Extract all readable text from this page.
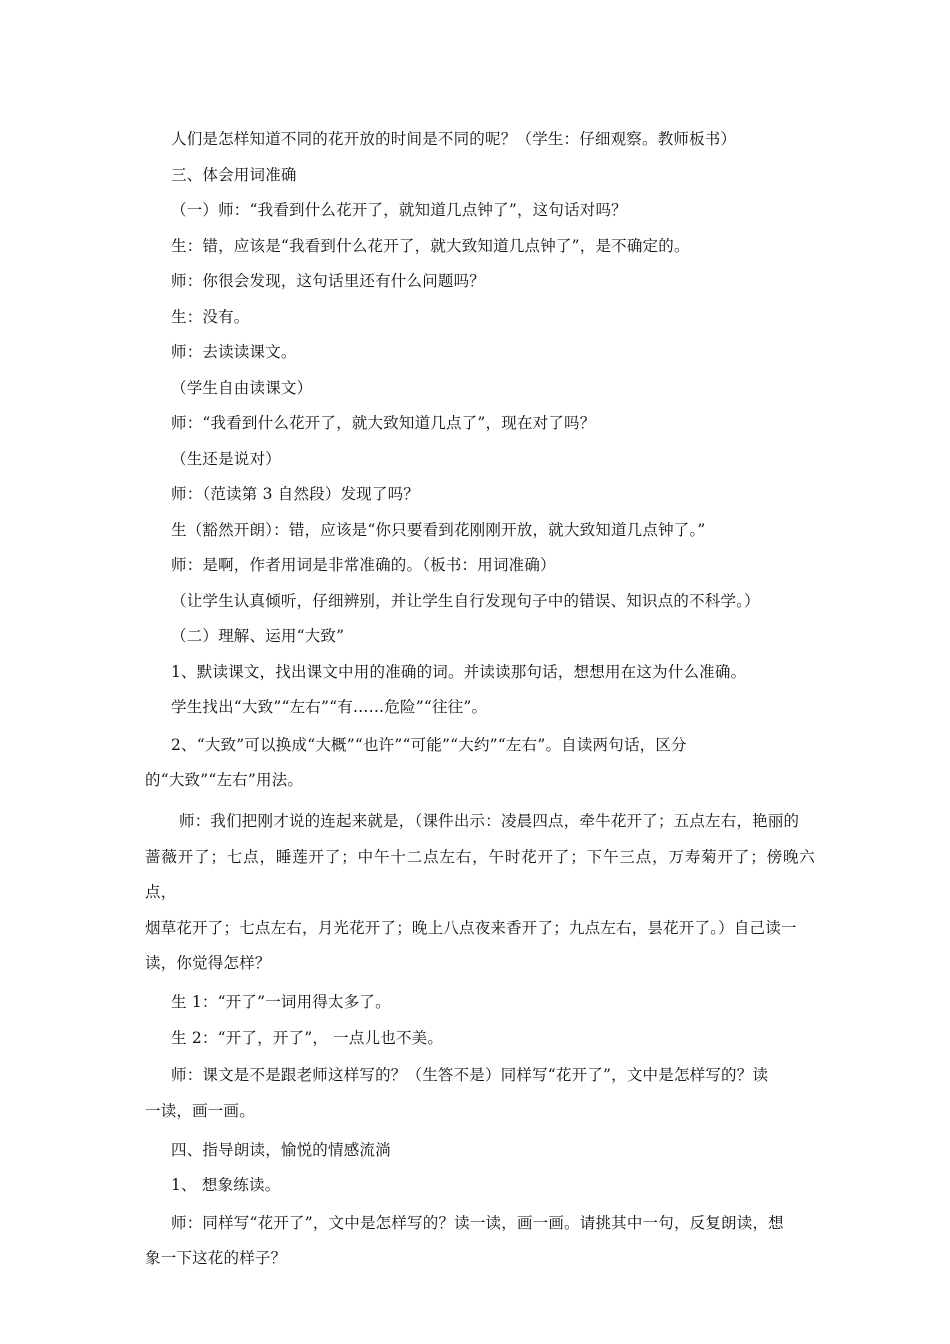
人们是怎样知道不同的花开放的时间是不同的呢？（学生：仔细观察。教师板书）
三、体会用词准确
（一）师：“我看到什么花开了，就知道几点钟了”，这句话对吗？
生：错，应该是“我看到什么花开了，就大致知道几点钟了”，是不确定的。
师：你很会发现，这句话里还有什么问题吗？
生：没有。
师：去读读课文。
（学生自由读课文）
师：“我看到什么花开了，就大致知道几点了”，现在对了吗？
（生还是说对）
师：（范读第 3 自然段）发现了吗？
生（豁然开朗）：错，应该是“你只要看到花刚刚开放，就大致知道几点钟了。”
师：是啊，作者用词是非常准确的。（板书：用词准确）
（让学生认真倾听，仔细辨别，并让学生自行发现句子中的错误、知识点的不科学。）
（二）理解、运用“大致”
1、默读课文，找出课文中用的准确的词。并读读那句话，想想用在这为什么准确。
学生找出“大致”“左右”“有……危险”“往往”。
2、“大致”可以换成“大概”“也许”“可能”“大约”“左右”。自读两句话，区分
的“大致”“左右”用法。
师：我们把刚才说的连起来就是，（课件出示：凌晨四点，牵牛花开了；五点左右，艳丽的
蔷薇开了；七点，睡莲开了；中午十二点左右，午时花开了；下午三点，万寿菊开了；傍晚六点，
烟草花开了；七点左右，月光花开了；晚上八点夜来香开了；九点左右，昙花开了。）自己读一
读，你觉得怎样？
生 1：“开了”一词用得太多了。
生 2：“开了，开了”， 一点儿也不美。
师：课文是不是跟老师这样写的？（生答不是）同样写“花开了”，文中是怎样写的？读
一读，画一画。
四、指导朗读，愉悦的情感流淌
1、 想象练读。
师：同样写“花开了”，文中是怎样写的？读一读，画一画。请挑其中一句，反复朗读，想
象一下这花的样子？
